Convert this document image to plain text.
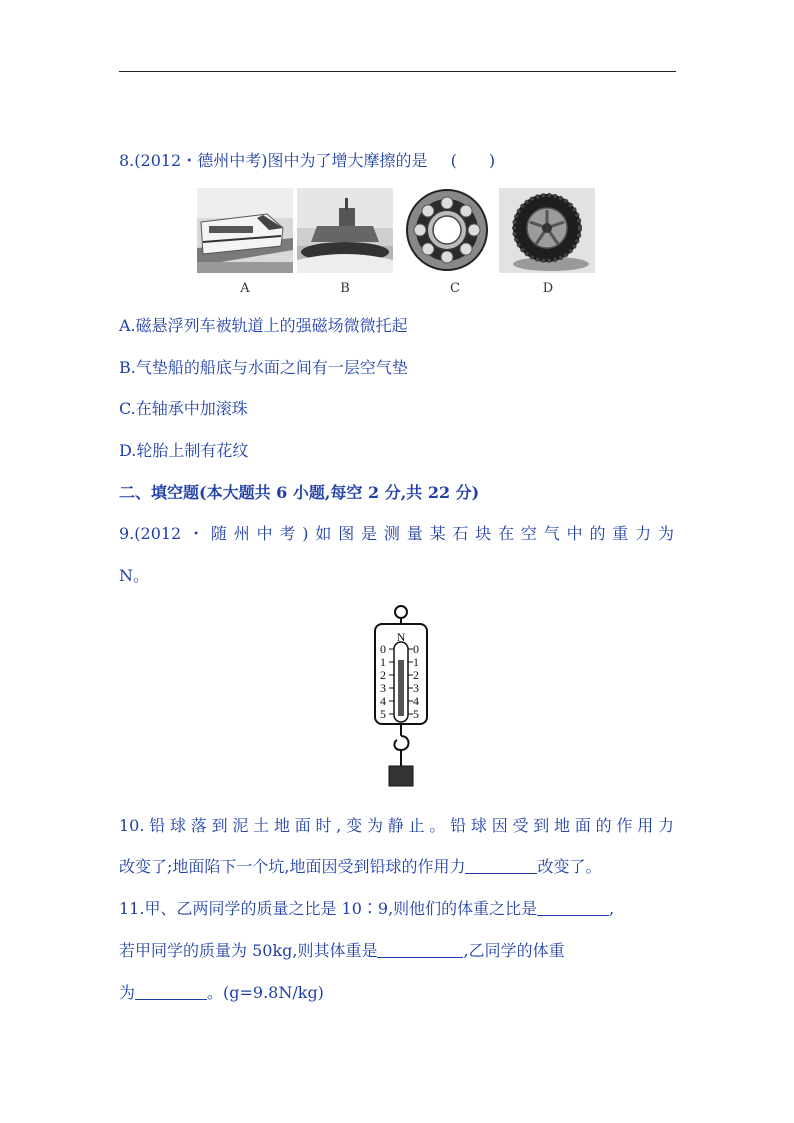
8.(2012・德州中考)图中为了增大摩擦的是 (　　)
A	B	C	D
A.磁悬浮列车被轨道上的强磁场微微托起
B.气垫船的船底与水面之间有一层空气垫
C.在轴承中加滚珠
D.轮胎上制有花纹
二、填空题(本大题共 6 小题,每空 2 分,共 22 分)
9.(2012・随州中考)如图是测量某石块在空气中的重力为
N。
N
0
1
2
3
4
5
0
1
2
3
4
5
10.铅球落到泥土地面时,变为静止。铅球因受到地面的作用力
改变了;地面陷下一个坑,地面因受到铅球的作用力	改变了。
11.甲、乙两同学的质量之比是 10∶9,则他们的体重之比是	,
若甲同学的质量为 50kg,则其体重是	,乙同学的体重
为	。(g=9.8N/kg)
